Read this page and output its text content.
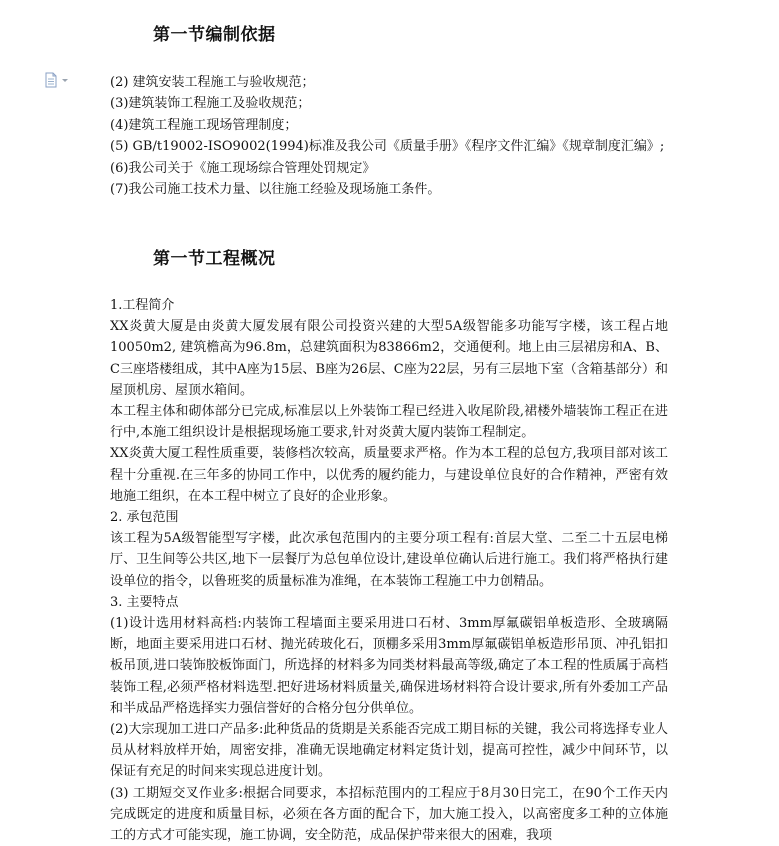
第一节编制依据
(2) 建筑安装工程施工与验收规范；
(3)建筑装饰工程施工及验收规范；
(4)建筑工程施工现场管理制度；
(5) GB/t19002-ISO9002(1994)标准及我公司《质量手册》《程序文件汇编》《规章制度汇编》;
(6)我公司关于《施工现场综合管理处罚规定》
(7)我公司施工技术力量、以往施工经验及现场施工条件。
第一节工程概况

1.工程简介

XX炎黄大厦是由炎黄大厦发展有限公司投资兴建的大型5A级智能多功能写字楼，该工程占地10050m2, 建筑檐高为96.8m，总建筑面积为83866m2，交通便利。地上由三层裙房和A、B、C三座塔楼组成，其中A座为15层、B座为26层、C座为22层，另有三层地下室（含箱基部分）和屋顶机房、屋顶水箱间。

本工程主体和砌体部分已完成,标准层以上外装饰工程已经进入收尾阶段,裙楼外墙装饰工程正在进行中,本施工组织设计是根据现场施工要求,针对炎黄大厦内装饰工程制定。

XX炎黄大厦工程性质重要，装修档次较高，质量要求严格。作为本工程的总包方,我项目部对该工程十分重视.在三年多的协同工作中，以优秀的履约能力，与建设单位良好的合作精神，严密有效地施工组织，在本工程中树立了良好的企业形象。

2. 承包范围

该工程为5A级智能型写字楼，此次承包范围内的主要分项工程有:首层大堂、二至二十五层电梯厅、卫生间等公共区,地下一层餐厅为总包单位设计,建设单位确认后进行施工。我们将严格执行建设单位的指令，以鲁班奖的质量标准为准绳，在本装饰工程施工中力创精品。

3. 主要特点

(1)设计选用材料高档:内装饰工程墙面主要采用进口石材、3mm厚氟碳铝单板造形、全玻璃隔断，地面主要采用进口石材、抛光砖玻化石，顶棚多采用3mm厚氟碳铝单板造形吊顶、冲孔铝扣板吊顶,进口装饰胶板饰面门，所选择的材料多为同类材料最高等级,确定了本工程的性质属于高档装饰工程,必须严格材料选型.把好进场材料质量关,确保进场材料符合设计要求,所有外委加工产品和半成品严格选择实力强信誉好的合格分包分供单位。

(2)大宗现加工进口产品多:此种货品的货期是关系能否完成工期目标的关键，我公司将选择专业人员从材料放样开始，周密安排，准确无误地确定材料定货计划，提高可控性，减少中间环节，以保证有充足的时间来实现总进度计划。

(3) 工期短交叉作业多:根据合同要求，本招标范围内的工程应于8月30日完工，在90个工作天内完成既定的进度和质量目标，必须在各方面的配合下，加大施工投入，以高密度多工种的立体施工的方式才可能实现，施工协调，安全防范，成品保护带来很大的困难，我项
